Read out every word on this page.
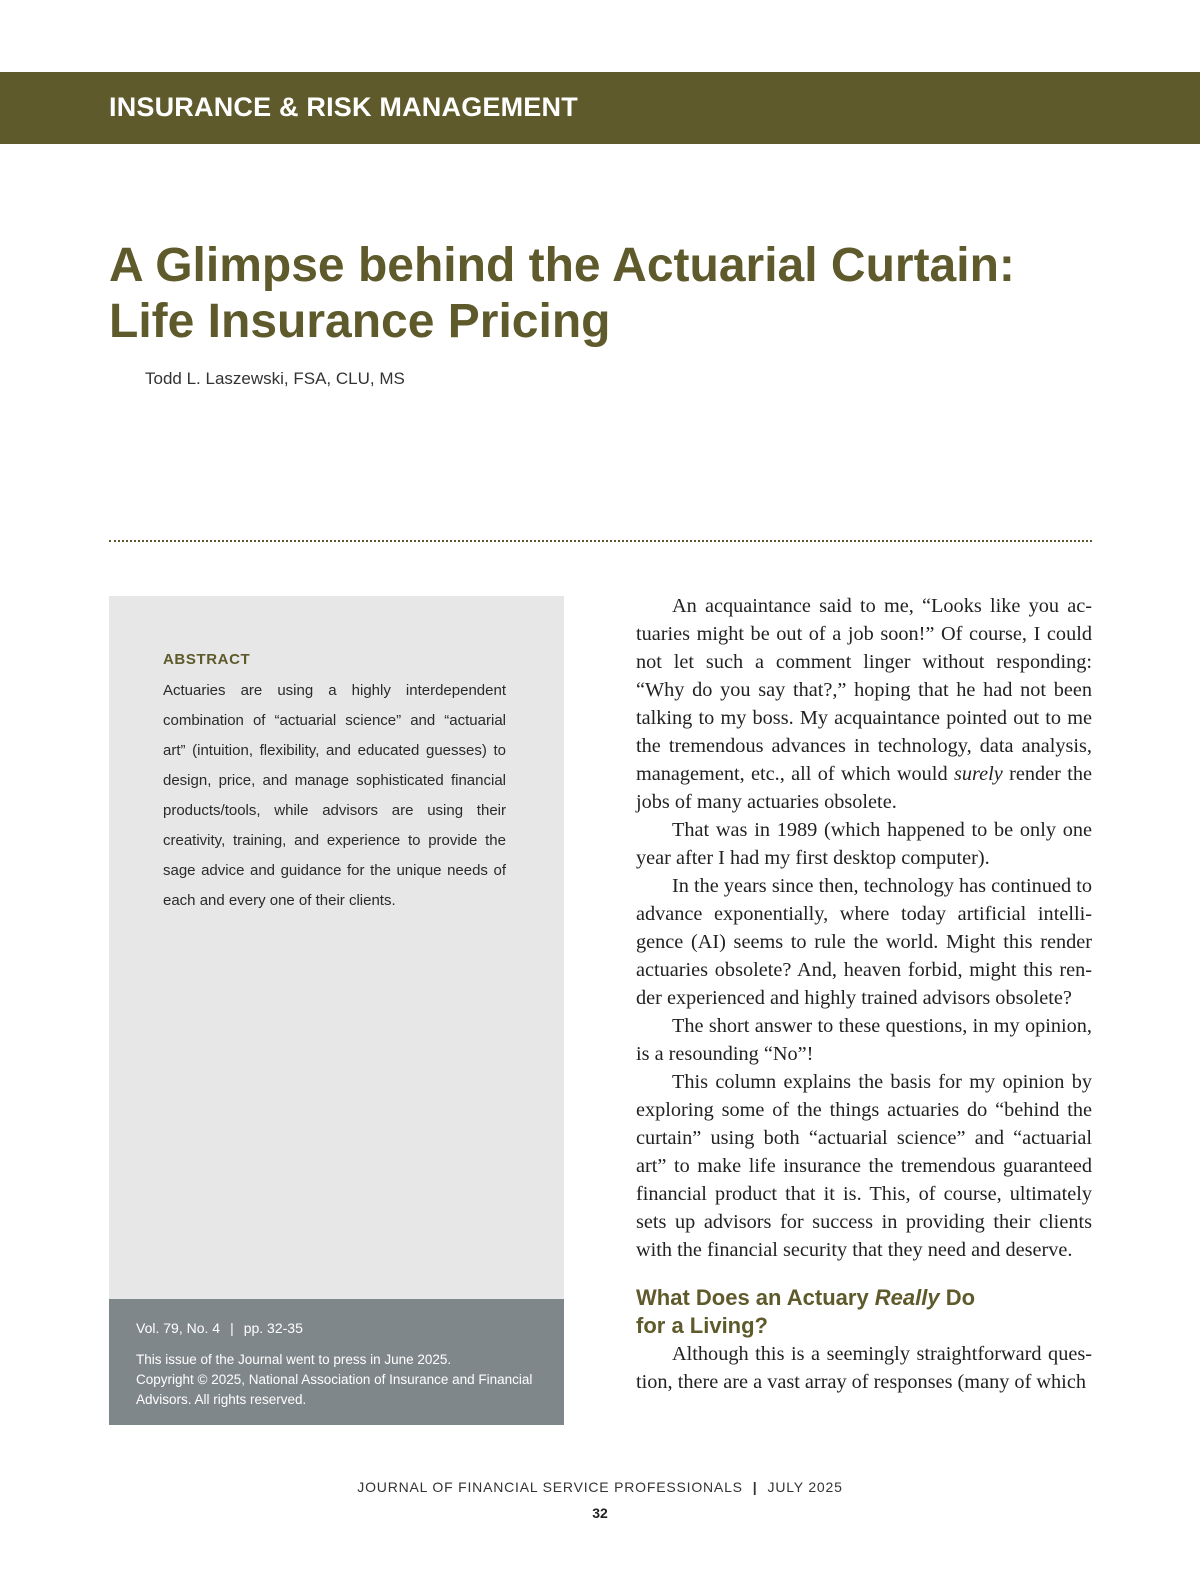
INSURANCE & RISK MANAGEMENT
A Glimpse behind the Actuarial Curtain:
Life Insurance Pricing
Todd L. Laszewski, FSA, CLU, MS
ABSTRACT

Actuaries are using a highly interdependent combination of “actuarial science” and “actuarial art” (intuition, flexibility, and educated guesses) to design, price, and manage sophisticated financial products/tools, while advisors are using their creativity, training, and experience to provide the sage advice and guidance for the unique needs of each and every one of their clients.

Vol. 79, No. 4 | pp. 32-35

This issue of the Journal went to press in June 2025.
Copyright © 2025, National Association of Insurance and Financial Advisors. All rights reserved.

An acquaintance said to me, “Looks like you actuaries might be out of a job soon!” Of course, I could not let such a comment linger without responding: “Why do you say that?,” hoping that he had not been talking to my boss. My acquaintance pointed out to me the tremendous advances in technology, data analysis, management, etc., all of which would surely render the jobs of many actuaries obsolete.

That was in 1989 (which happened to be only one year after I had my first desktop computer).

In the years since then, technology has continued to advance exponentially, where today artificial intelligence (AI) seems to rule the world. Might this render actuaries obsolete? And, heaven forbid, might this render experienced and highly trained advisors obsolete?

The short answer to these questions, in my opinion, is a resounding “No”!

This column explains the basis for my opinion by exploring some of the things actuaries do “behind the curtain” using both “actuarial science” and “actuarial art” to make life insurance the tremendous guaranteed financial product that it is. This, of course, ultimately sets up advisors for success in providing their clients with the financial security that they need and deserve.

What Does an Actuary Really Do
for a Living?

Although this is a seemingly straightforward question, there are a vast array of responses (many of which

JOURNAL OF FINANCIAL SERVICE PROFESSIONALS | JULY 2025
32
